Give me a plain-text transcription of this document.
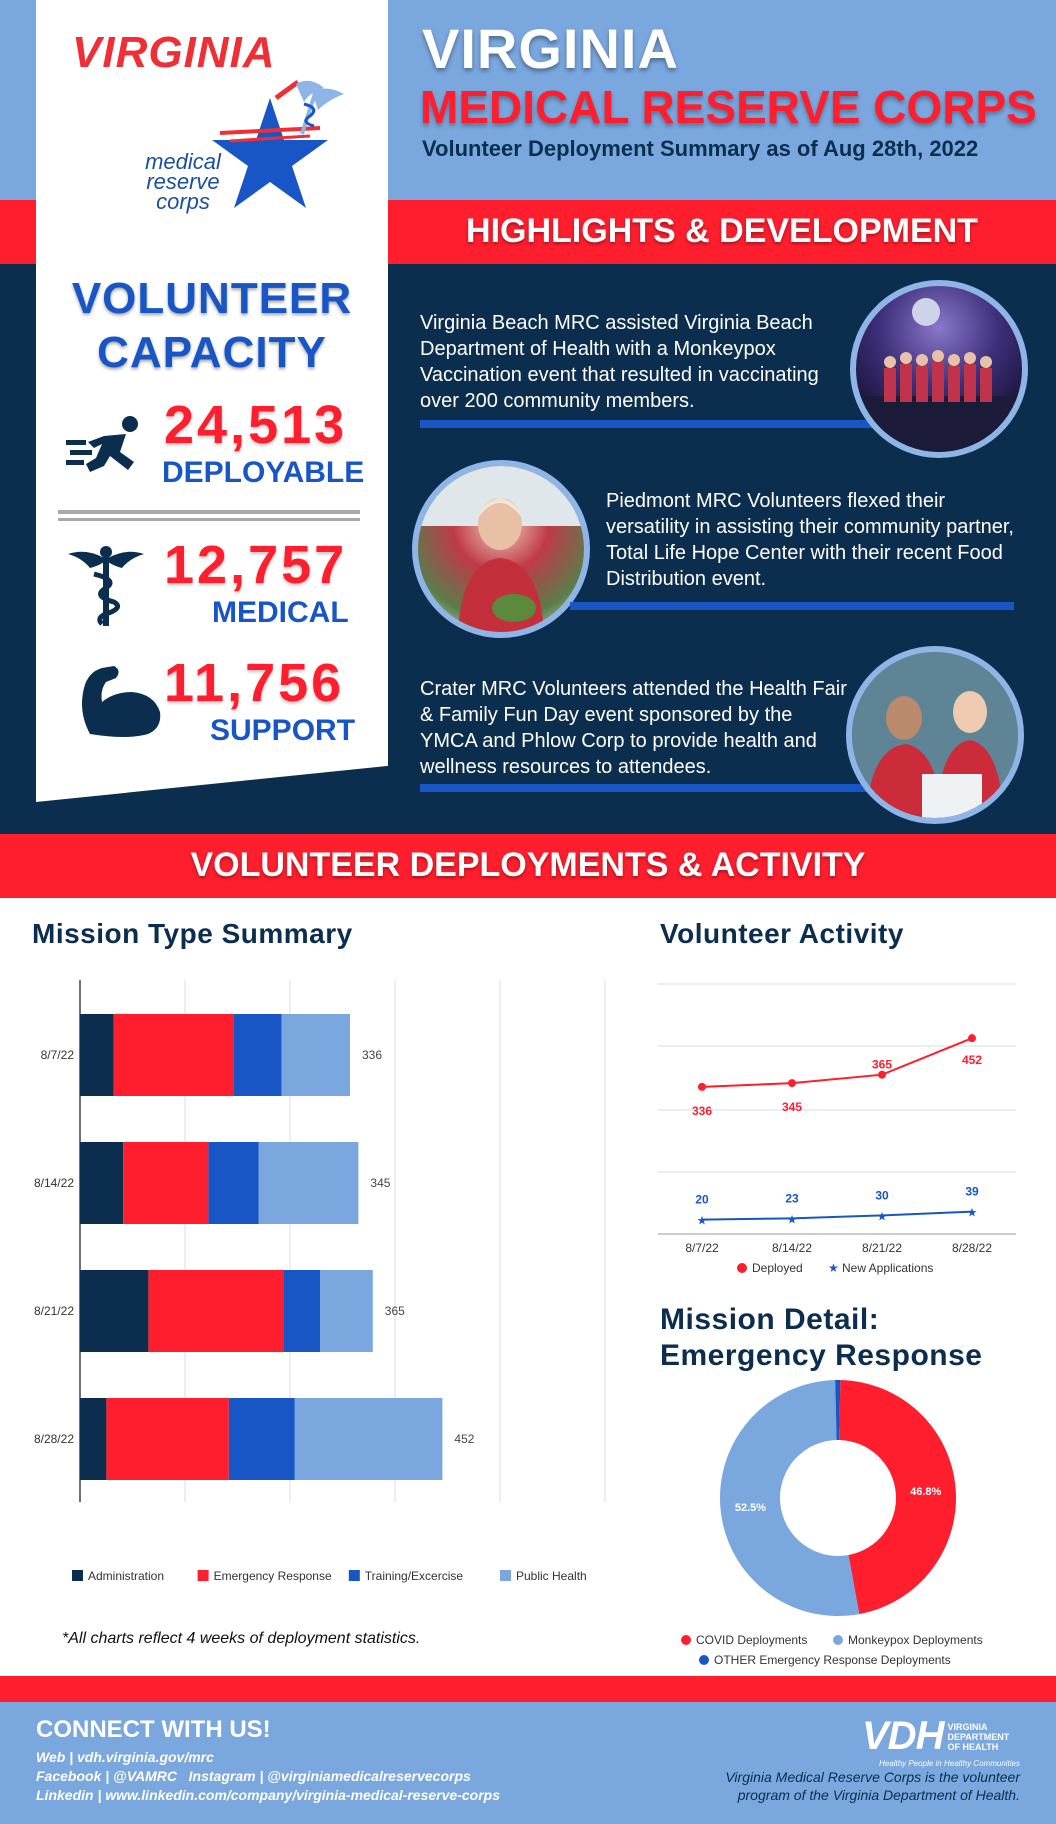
VIRGINIA
medical
reserve
corps
VOLUNTEER
CAPACITY
24,513
DEPLOYABLE
12,757
MEDICAL
11,756
SUPPORT
VIRGINIA
MEDICAL RESERVE CORPS
Volunteer Deployment Summary as of Aug 28th, 2022
HIGHLIGHTS & DEVELOPMENT
Virginia Beach MRC assisted Virginia Beach Department of Health with a Monkeypox Vaccination event that resulted in vaccinating over 200 community members.
Piedmont MRC Volunteers flexed their versatility in assisting their community partner, Total Life Hope Center with their recent Food Distribution event.
Crater MRC Volunteers attended the Health Fair & Family Fun Day event sponsored by the YMCA and Phlow Corp to provide health and wellness resources to attendees.
VOLUNTEER DEPLOYMENTS & ACTIVITY
Mission Type Summary
8/7/22	336
8/14/22	345
8/21/22	365
8/28/22	452
Administration	Emergency Response	Training/Excercise	Public Health
*All charts reflect 4 weeks of deployment statistics.
Volunteer Activity
336	345
365	452
★
20
★
23
★
30
★
39
8/7/22	8/14/22	8/21/22	8/28/22
Deployed ★ New Applications
Mission Detail:
Emergency Response
46.8%
52.5%
COVID Deployments	Monkeypox Deployments
OTHER Emergency Response Deployments
CONNECT WITH US!
Web | vdh.virginia.gov/mrc
Facebook | @VAMRC   Instagram | @virginiamedicalreservecorps
Linkedin | www.linkedin.com/company/virginia-medical-reserve-corps
VDH VIRGINIA
DEPARTMENT
OF HEALTH
Healthy People in Healthy Communities
Virginia Medical Reserve Corps is the volunteer
program of the Virginia Department of Health.
